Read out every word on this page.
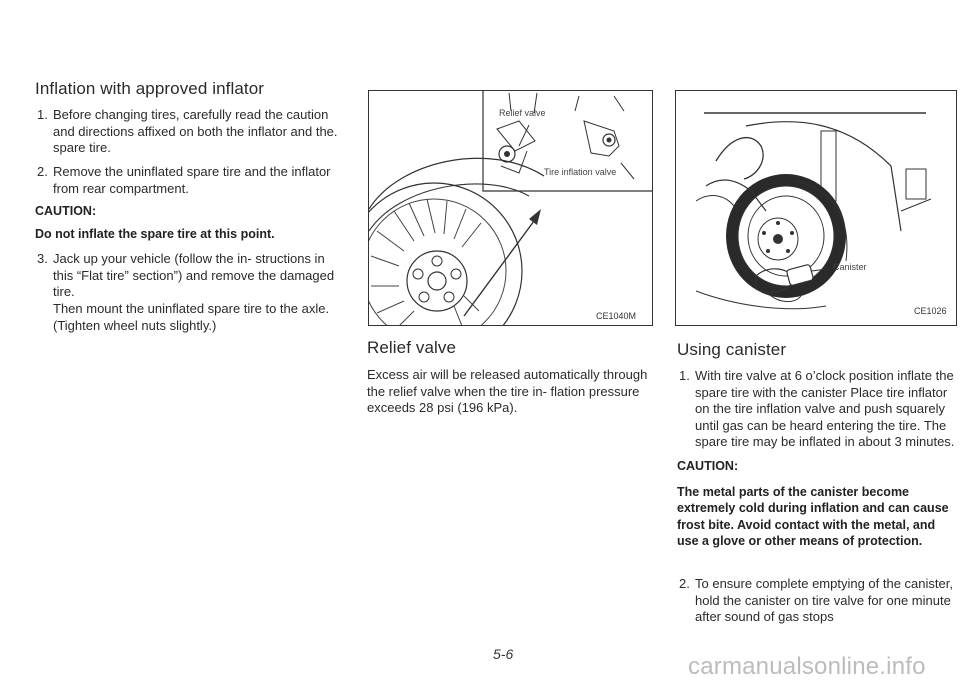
Inflation with approved inflator
1. Before changing tires, carefully read the caution and directions affixed on both the inflator and the. spare tire.
2. Remove the uninflated spare tire and the inflator from rear compartment.
CAUTION:
Do not inflate the spare tire at this point.
3. Jack up your vehicle (follow the in- structions in this “Flat tire” section”) and remove the damaged tire.
Then mount the uninflated spare tire to the axle. (Tighten wheel nuts slightly.)
Relief valve
Tire inflation valve
CE1040M
Relief valve
Excess air will be released automatically through the relief valve when the tire in- flation pressure exceeds 28 psi (196 kPa).
Canister
CE1026
Using canister
1. With tire valve at 6 o’clock position inflate the spare tire with the canister Place tire inflator on the tire inflation valve and push squarely until gas can be heard entering the tire. The spare tire may be inflated in about 3 minutes.
CAUTION:
The metal parts of the canister become extremely cold during inflation and can cause frost bite. Avoid contact with the metal, and use a glove or other means of protection.
2. To ensure complete emptying of the canister, hold the canister on tire valve for one minute after sound of gas stops
5-6	carmanualsonline.info
